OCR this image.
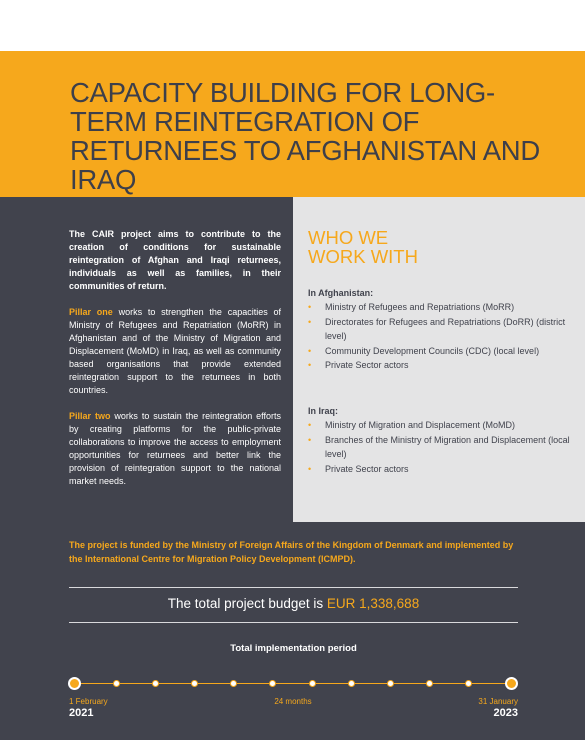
CAPACITY BUILDING FOR LONG-TERM REINTEGRATION OF RETURNEES TO AFGHANISTAN AND IRAQ

The CAIR project aims to contribute to the creation of conditions for sustainable reintegration of Afghan and Iraqi returnees, individuals as well as families, in their communities of return.

Pillar one works to strengthen the capacities of Ministry of Refugees and Repatriation (MoRR) in Afghanistan and of the Ministry of Migration and Displacement (MoMD) in Iraq, as well as community based organisations that provide extended reintegration support to the returnees in both countries.

Pillar two works to sustain the reintegration efforts by creating platforms for the public-private collaborations to improve the access to employment opportunities for returnees and better link the provision of reintegration support to the national market needs.

WHO WE
WORK WITH
In Afghanistan:
• Ministry of Refugees and Repatriations (MoRR)
• Directorates for Refugees and Repatriations (DoRR) (district level)
• Community Development Councils (CDC) (local level)
• Private Sector actors
In Iraq:
• Ministry of Migration and Displacement (MoMD)
• Branches of the Ministry of Migration and Displacement (local level)
• Private Sector actors
The project is funded by the Ministry of Foreign Affairs of the Kingdom of Denmark and implemented by the International Centre for Migration Policy Development (ICMPD).
The total project budget is EUR 1,338,688
Total implementation period
1 February
2021
24 months	31 January
2023
